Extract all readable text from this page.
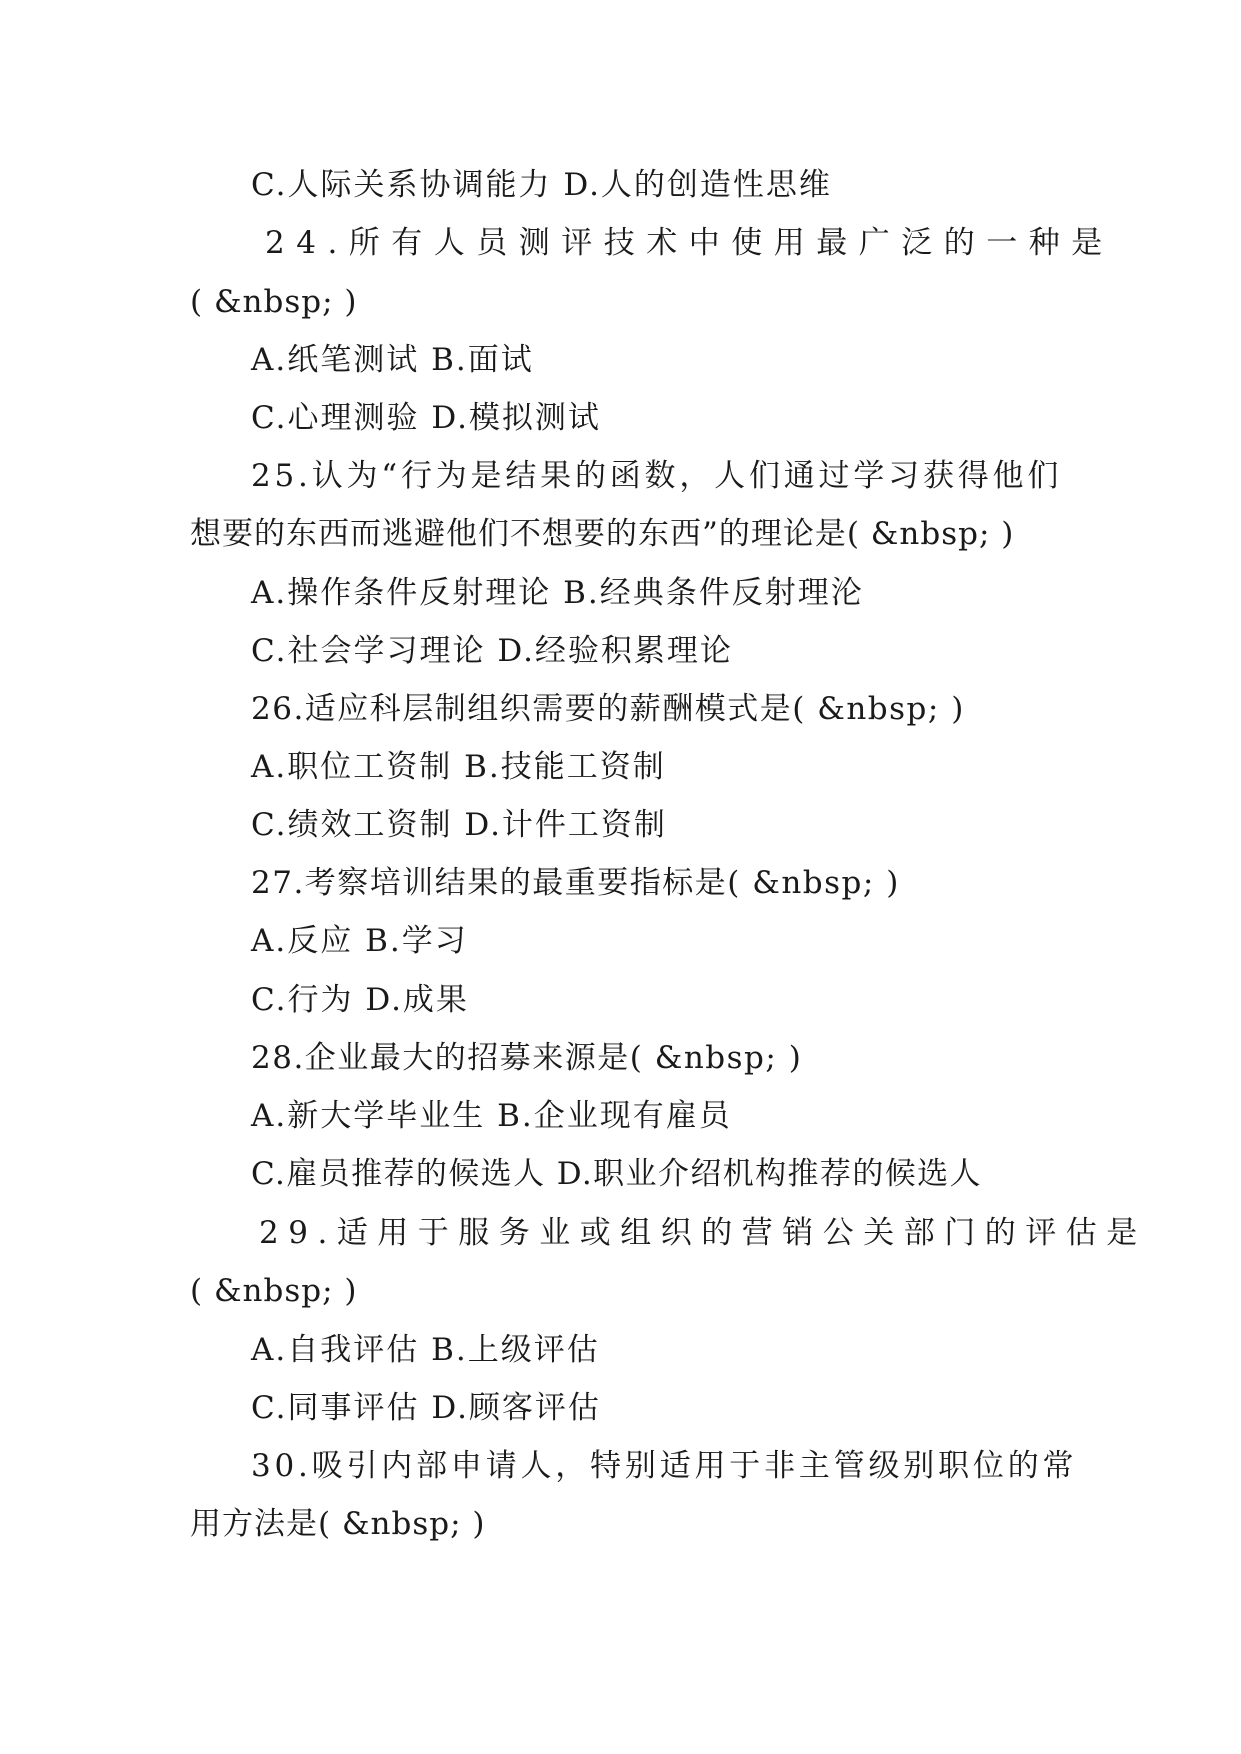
C.人际关系协调能力 D.人的创造性思维
24.所有人员测评技术中使用最广泛的一种是
( &nbsp; )
A.纸笔测试 B.面试
C.心理测验 D.模拟测试
25.认为“行为是结果的函数，人们通过学习获得他们
想要的东西而逃避他们不想要的东西”的理论是( &nbsp; )
A.操作条件反射理论 B.经典条件反射理沦
C.社会学习理论 D.经验积累理论
26.适应科层制组织需要的薪酬模式是( &nbsp; )
A.职位工资制 B.技能工资制
C.绩效工资制 D.计件工资制
27.考察培训结果的最重要指标是( &nbsp; )
A.反应 B.学习
C.行为 D.成果
28.企业最大的招募来源是( &nbsp; )
A.新大学毕业生 B.企业现有雇员
C.雇员推荐的候选人 D.职业介绍机构推荐的候选人
29.适用于服务业或组织的营销公关部门的评估是
( &nbsp; )
A.自我评估 B.上级评估
C.同事评估 D.顾客评估
30.吸引内部申请人，特别适用于非主管级别职位的常
用方法是( &nbsp; )
